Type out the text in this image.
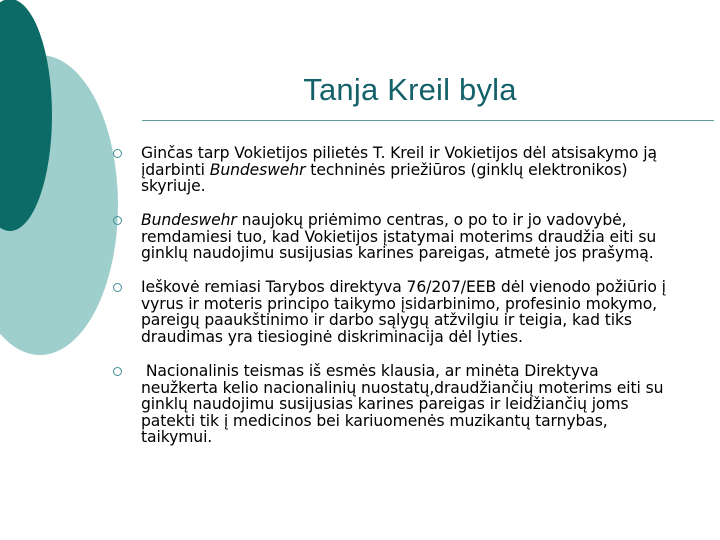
Tanja Kreil byla
Ginčas tarp Vokietijos pilietės T. Kreil ir Vokietijos dėl atsisakymo ją įdarbinti Bundeswehr techninės priežiūros (ginklų elektronikos) skyriuje.
Bundeswehr naujokų priėmimo centras, o po to ir jo vadovybė, remdamiesi tuo, kad Vokietijos įstatymai moterims draudžia eiti su ginklų naudojimu susijusias karines pareigas, atmetė jos prašymą.
Ieškovė remiasi Tarybos direktyva 76/207/EEB dėl vienodo požiūrio į vyrus ir moteris principo taikymo įsidarbinimo, profesinio mokymo, pareigų paaukštinimo ir darbo sąlygų atžvilgiu ir teigia, kad tiks draudimas yra tiesioginė diskriminacija dėl lyties.
Nacionalinis teismas iš esmės klausia, ar minėta Direktyva neužkerta kelio nacionalinių nuostatų,draudžiančių moterims eiti su ginklų naudojimu susijusias karines pareigas ir leidžiančių joms patekti tik į medicinos bei kariuomenės muzikantų tarnybas, taikymui.
